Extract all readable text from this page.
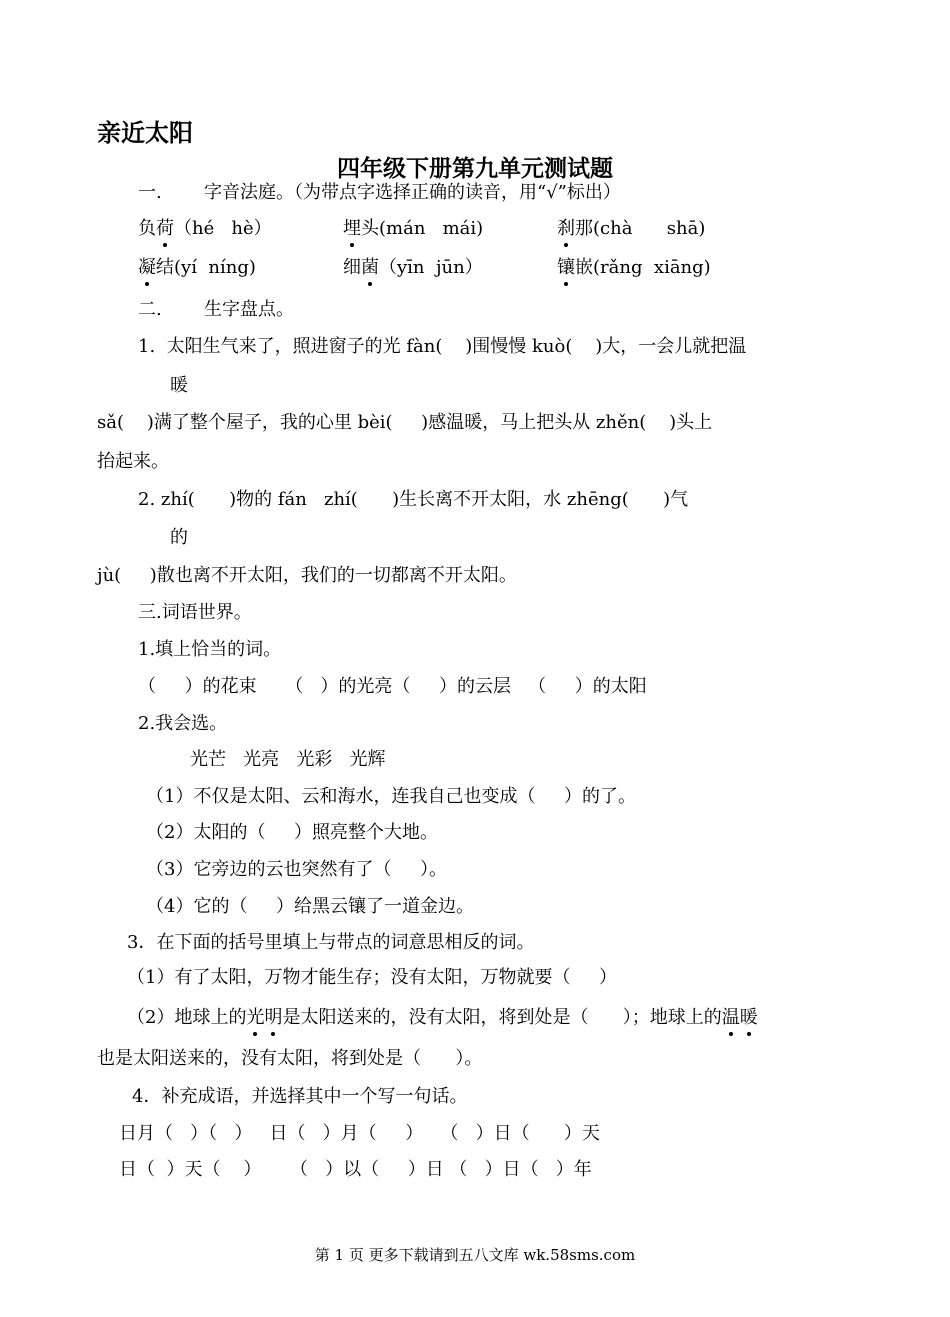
亲近太阳
四年级下册第九单元测试题
一. 字音法庭。（为带点字选择正确的读音，用“√”标出）
负荷（hé   hè）	埋头(mán   mái)	刹那(chà      shā)
凝结(yí  níng)	细菌（yīn  jūn）	镶嵌(rǎng  xiāng)
二. 生字盘点。
1.  太阳生气来了，照进窗子的光 fàn(    )围慢慢 kuò(    )大，一会儿就把温
暖
sǎ(    )满了整个屋子，我的心里 bèi(     )感温暖，马上把头从 zhěn(    )头上
抬起来。
2. zhí(      )物的 fán   zhí(      )生长离不开太阳，水 zhēng(      )气
的
jù(     )散也离不开太阳，我们的一切都离不开太阳。
三.词语世界。
1.填上恰当的词。
（     ）的花束     （   ）的光亮（     ）的云层   （     ）的太阳
2.我会选。
光芒   光亮   光彩   光辉
（1）不仅是太阳、云和海水，连我自己也变成（     ）的了。
（2）太阳的（     ）照亮整个大地。
（3）它旁边的云也突然有了（     ）。
（4）它的（     ）给黑云镶了一道金边。
3．在下面的括号里填上与带点的词意思相反的词。
（1）有了太阳，万物才能生存；没有太阳，万物就要（     ）
（2）地球上的光明是太阳送来的，没有太阳，将到处是（      ）；地球上的温暖
也是太阳送来的，没有太阳，将到处是（      ）。
4．补充成语，并选择其中一个写一句话。
日月（   ）（   ）   日（   ）月（     ）   （   ）日（      ）天
日（  ）天（    ）     （   ）以（     ）日 （   ）日（   ）年
第 1 页 更多下载请到五八文库 wk.58sms.com
